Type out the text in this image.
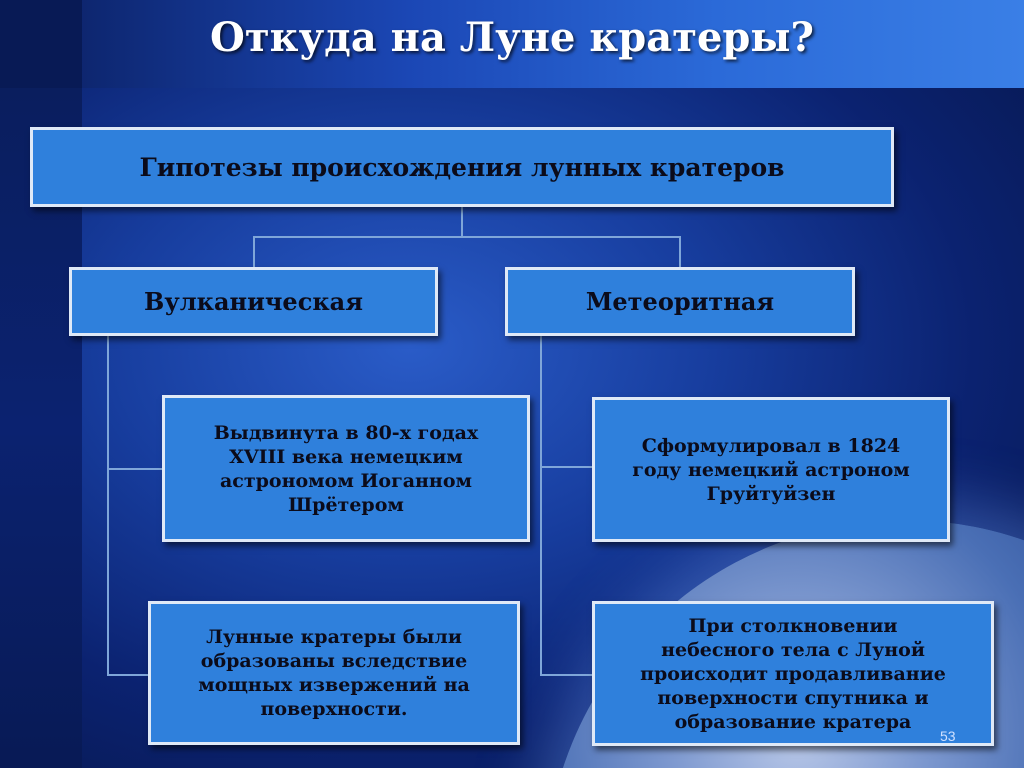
Откуда на Луне кратеры?
Гипотезы происхождения лунных кратеров
Вулканическая	Метеоритная
Выдвинута в 80-х годах
XVIII века немецким
астрономом Иоганном
Шрётером
Сформулировал в 1824
году немецкий астроном
Груйтуйзен
Лунные кратеры были
образованы вследствие
мощных извержений на
поверхности.
При столкновении
небесного тела с Луной
происходит продавливание
поверхности спутника и
образование кратера
53
